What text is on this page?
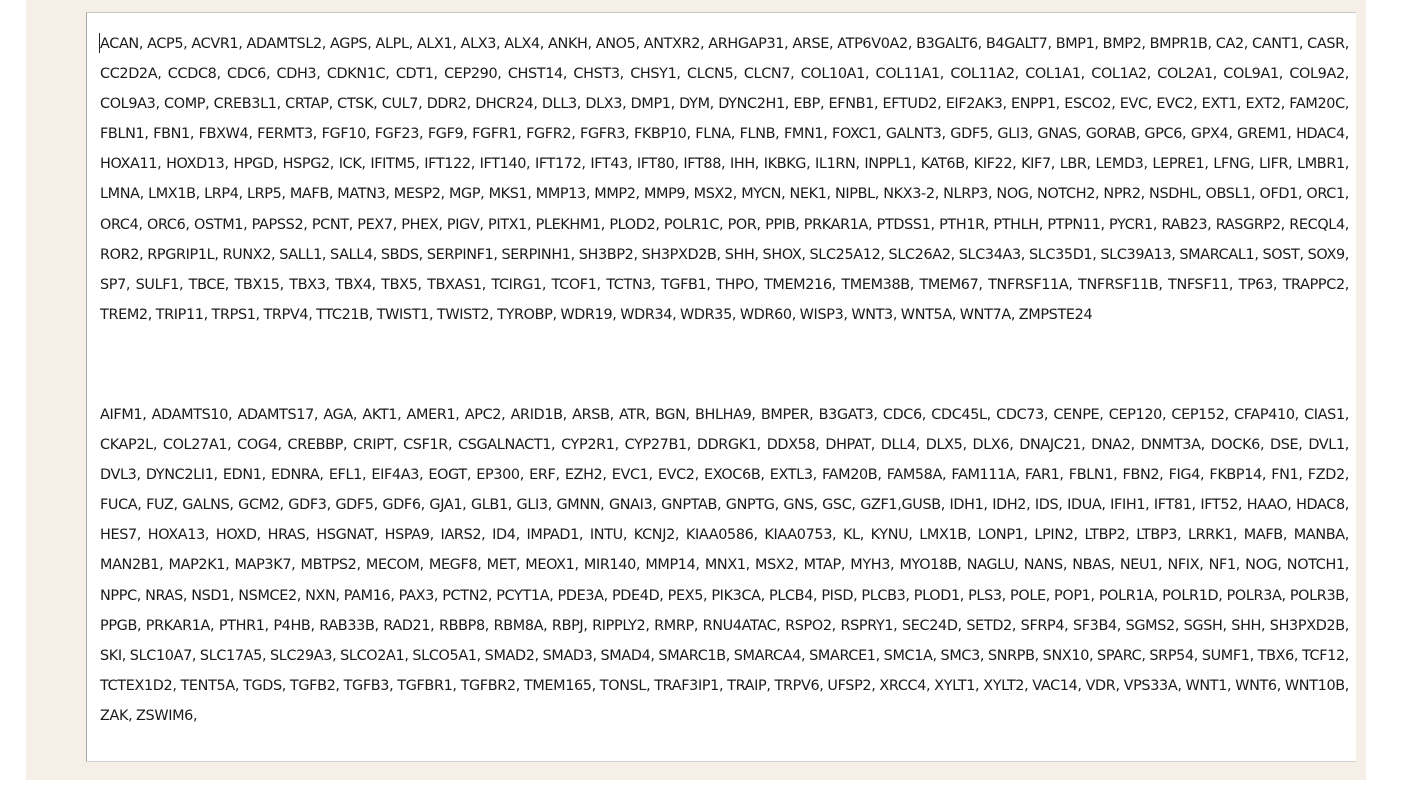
ACAN, ACP5, ACVR1, ADAMTSL2, AGPS, ALPL, ALX1, ALX3, ALX4, ANKH, ANO5, ANTXR2, ARHGAP31, ARSE, ATP6V0A2, B3GALT6, B4GALT7, BMP1, BMP2, BMPR1B, CA2, CANT1, CASR, CC2D2A, CCDC8, CDC6, CDH3, CDKN1C, CDT1, CEP290, CHST14, CHST3, CHSY1, CLCN5, CLCN7, COL10A1, COL11A1, COL11A2, COL1A1, COL1A2, COL2A1, COL9A1, COL9A2, COL9A3, COMP, CREB3L1, CRTAP, CTSK, CUL7, DDR2, DHCR24, DLL3, DLX3, DMP1, DYM, DYNC2H1, EBP, EFNB1, EFTUD2, EIF2AK3, ENPP1, ESCO2, EVC, EVC2, EXT1, EXT2, FAM20C, FBLN1, FBN1, FBXW4, FERMT3, FGF10, FGF23, FGF9, FGFR1, FGFR2, FGFR3, FKBP10, FLNA, FLNB, FMN1, FOXC1, GALNT3, GDF5, GLI3, GNAS, GORAB, GPC6, GPX4, GREM1, HDAC4, HOXA11, HOXD13, HPGD, HSPG2, ICK, IFITM5, IFT122, IFT140, IFT172, IFT43, IFT80, IFT88, IHH, IKBKG, IL1RN, INPPL1, KAT6B, KIF22, KIF7, LBR, LEMD3, LEPRE1, LFNG, LIFR, LMBR1, LMNA, LMX1B, LRP4, LRP5, MAFB, MATN3, MESP2, MGP, MKS1, MMP13, MMP2, MMP9, MSX2, MYCN, NEK1, NIPBL, NKX3-2, NLRP3, NOG, NOTCH2, NPR2, NSDHL, OBSL1, OFD1, ORC1, ORC4, ORC6, OSTM1, PAPSS2, PCNT, PEX7, PHEX, PIGV, PITX1, PLEKHM1, PLOD2, POLR1C, POR, PPIB, PRKAR1A, PTDSS1, PTH1R, PTHLH, PTPN11, PYCR1, RAB23, RASGRP2, RECQL4, ROR2, RPGRIP1L, RUNX2, SALL1, SALL4, SBDS, SERPINF1, SERPINH1, SH3BP2, SH3PXD2B, SHH, SHOX, SLC25A12, SLC26A2, SLC34A3, SLC35D1, SLC39A13, SMARCAL1, SOST, SOX9, SP7, SULF1, TBCE, TBX15, TBX3, TBX4, TBX5, TBXAS1, TCIRG1, TCOF1, TCTN3, TGFB1, THPO, TMEM216, TMEM38B, TMEM67, TNFRSF11A, TNFRSF11B, TNFSF11, TP63, TRAPPC2, TREM2, TRIP11, TRPS1, TRPV4, TTC21B, TWIST1, TWIST2, TYROBP, WDR19, WDR34, WDR35, WDR60, WISP3, WNT3, WNT5A, WNT7A, ZMPSTE24

AIFM1, ADAMTS10, ADAMTS17, AGA, AKT1, AMER1, APC2, ARID1B, ARSB, ATR, BGN, BHLHA9, BMPER, B3GAT3, CDC6, CDC45L, CDC73, CENPE, CEP120, CEP152, CFAP410, CIAS1, CKAP2L, COL27A1, COG4, CREBBP, CRIPT, CSF1R, CSGALNACT1, CYP2R1, CYP27B1, DDRGK1, DDX58, DHPAT, DLL4, DLX5, DLX6, DNAJC21, DNA2, DNMT3A, DOCK6, DSE, DVL1, DVL3, DYNC2LI1, EDN1, EDNRA, EFL1, EIF4A3, EOGT, EP300, ERF, EZH2, EVC1, EVC2, EXOC6B, EXTL3, FAM20B, FAM58A, FAM111A, FAR1, FBLN1, FBN2, FIG4, FKBP14, FN1, FZD2, FUCA, FUZ, GALNS, GCM2, GDF3, GDF5, GDF6, GJA1, GLB1, GLI3, GMNN, GNAI3, GNPTAB, GNPTG, GNS, GSC, GZF1,GUSB, IDH1, IDH2, IDS, IDUA, IFIH1, IFT81, IFT52, HAAO, HDAC8, HES7, HOXA13, HOXD, HRAS, HSGNAT, HSPA9, IARS2, ID4, IMPAD1, INTU, KCNJ2, KIAA0586, KIAA0753, KL, KYNU, LMX1B, LONP1, LPIN2, LTBP2, LTBP3, LRRK1, MAFB, MANBA, MAN2B1, MAP2K1, MAP3K7, MBTPS2, MECOM, MEGF8, MET, MEOX1, MIR140, MMP14, MNX1, MSX2, MTAP, MYH3, MYO18B, NAGLU, NANS, NBAS, NEU1, NFIX, NF1, NOG, NOTCH1, NPPC, NRAS, NSD1, NSMCE2, NXN, PAM16, PAX3, PCTN2, PCYT1A, PDE3A, PDE4D, PEX5, PIK3CA, PLCB4, PISD, PLCB3, PLOD1, PLS3, POLE, POP1, POLR1A, POLR1D, POLR3A, POLR3B, PPGB, PRKAR1A, PTHR1, P4HB, RAB33B, RAD21, RBBP8, RBM8A, RBPJ, RIPPLY2, RMRP, RNU4ATAC, RSPO2, RSPRY1, SEC24D, SETD2, SFRP4, SF3B4, SGMS2, SGSH, SHH, SH3PXD2B, SKI, SLC10A7, SLC17A5, SLC29A3, SLCO2A1, SLCO5A1, SMAD2, SMAD3, SMAD4, SMARC1B, SMARCA4, SMARCE1, SMC1A, SMC3, SNRPB, SNX10, SPARC, SRP54, SUMF1, TBX6, TCF12, TCTEX1D2, TENT5A, TGDS, TGFB2, TGFB3, TGFBR1, TGFBR2, TMEM165, TONSL, TRAF3IP1, TRAIP, TRPV6, UFSP2, XRCC4, XYLT1, XYLT2, VAC14, VDR, VPS33A, WNT1, WNT6, WNT10B, ZAK, ZSWIM6,
